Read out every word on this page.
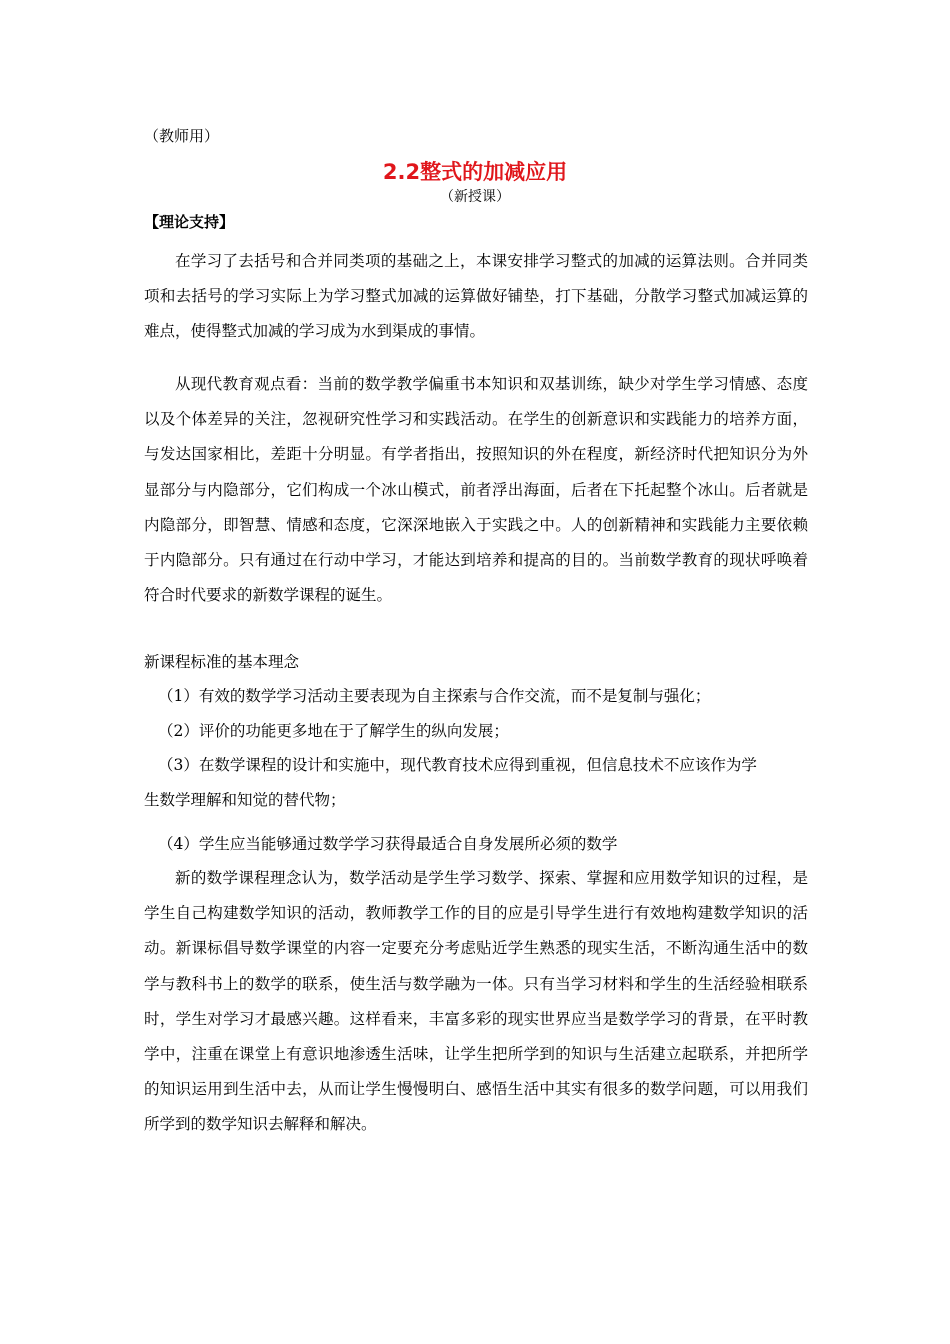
（教师用）
2.2整式的加减应用
（新授课）
【理论支持】

在学习了去括号和合并同类项的基础之上，本课安排学习整式的加减的运算法则。合并同类项和去括号的学习实际上为学习整式加减的运算做好铺垫，打下基础，分散学习整式加减运算的难点，使得整式加减的学习成为水到渠成的事情。

从现代教育观点看：当前的数学教学偏重书本知识和双基训练，缺少对学生学习情感、态度以及个体差异的关注，忽视研究性学习和实践活动。在学生的创新意识和实践能力的培养方面，与发达国家相比，差距十分明显。有学者指出，按照知识的外在程度，新经济时代把知识分为外显部分与内隐部分，它们构成一个冰山模式，前者浮出海面，后者在下托起整个冰山。后者就是内隐部分，即智慧、情感和态度，它深深地嵌入于实践之中。人的创新精神和实践能力主要依赖于内隐部分。只有通过在行动中学习，才能达到培养和提高的目的。当前数学教育的现状呼唤着符合时代要求的新数学课程的诞生。

新课程标准的基本理念

（1）有效的数学学习活动主要表现为自主探索与合作交流，而不是复制与强化；

（2）评价的功能更多地在于了解学生的纵向发展；

（3）在数学课程的设计和实施中，现代教育技术应得到重视，但信息技术不应该作为学
生数学理解和知觉的替代物；

（4）学生应当能够通过数学学习获得最适合自身发展所必须的数学

新的数学课程理念认为，数学活动是学生学习数学、探索、掌握和应用数学知识的过程，是学生自己构建数学知识的活动，教师教学工作的目的应是引导学生进行有效地构建数学知识的活动。新课标倡导数学课堂的内容一定要充分考虑贴近学生熟悉的现实生活，不断沟通生活中的数学与教科书上的数学的联系，使生活与数学融为一体。只有当学习材料和学生的生活经验相联系时，学生对学习才最感兴趣。这样看来，丰富多彩的现实世界应当是数学学习的背景，在平时教学中，注重在课堂上有意识地渗透生活味，让学生把所学到的知识与生活建立起联系，并把所学的知识运用到生活中去，从而让学生慢慢明白、感悟生活中其实有很多的数学问题，可以用我们所学到的数学知识去解释和解决。
